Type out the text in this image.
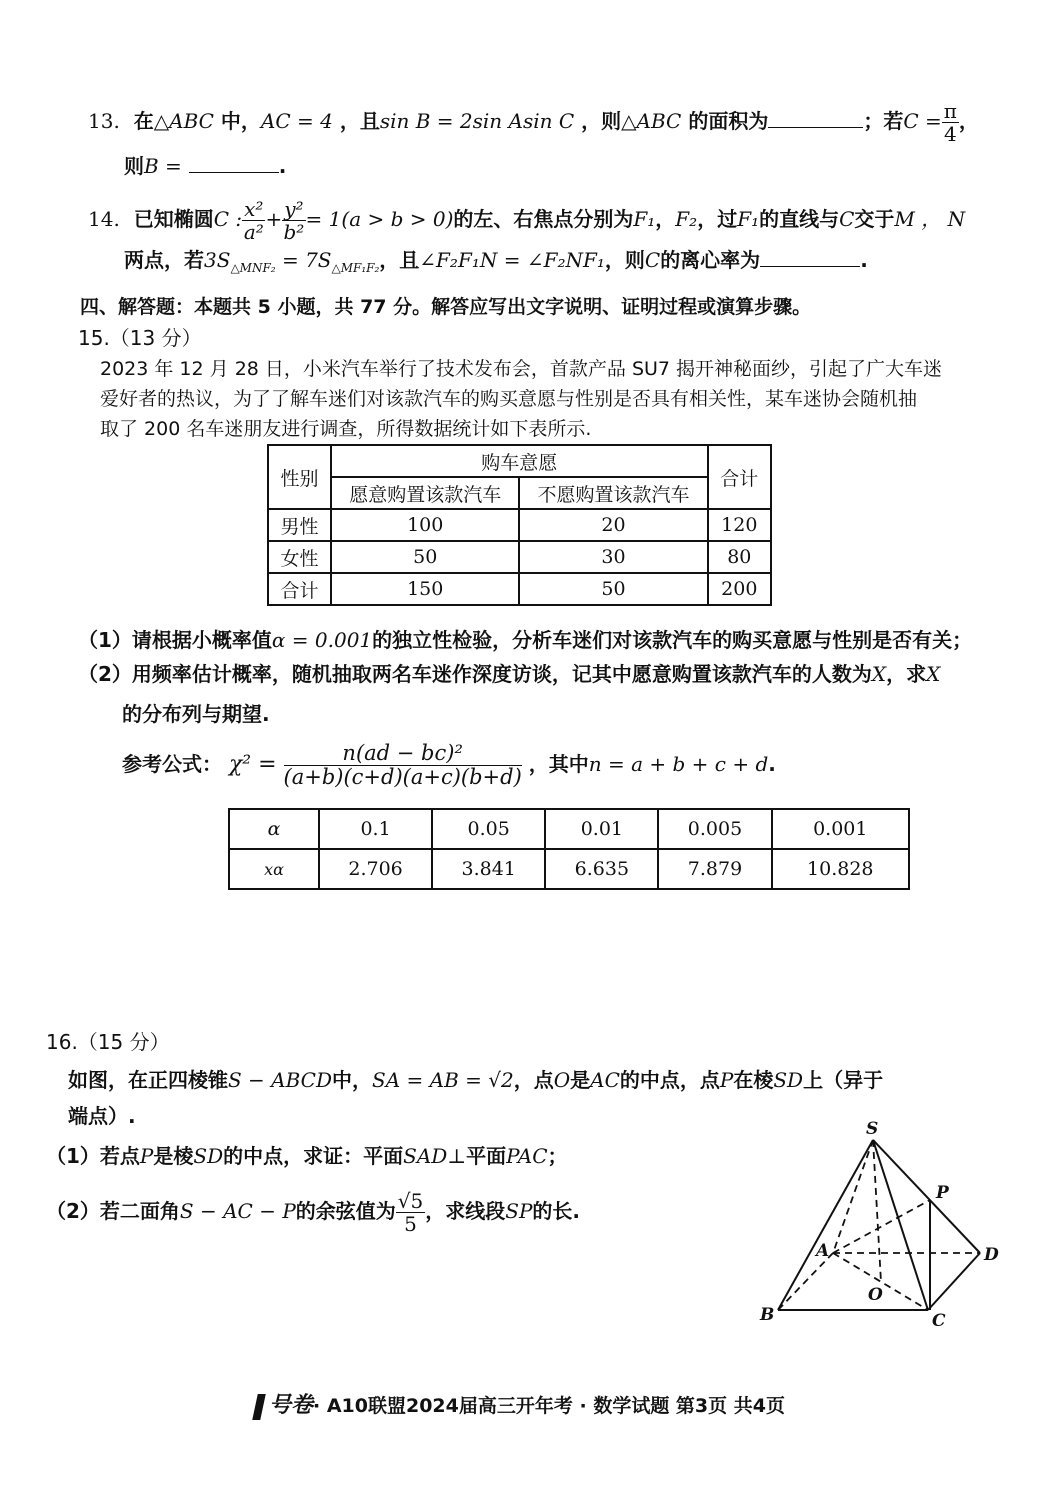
13. 在△ABC 中，AC = 4 ，且sin B = 2sin Asin C ，则△ABC 的面积为	；若$C = \frac{\pi}{4}$ ，
则B =	.
14. 已知椭圆C : $\frac{\text{x²}}{\text{a²}} + \frac{\text{y²}}{\text{b²}} = 1(a > b > 0)$的左、右焦点分别为F₁，F₂，过F₁的直线与C交于M ， N
两点，若$3S_{\triangle MNF_2} = 7S_{\triangle MF_1F_2}$，且∠F₂F₁N = ∠F₂NF₁，则C的离心率为	.
四、解答题：本题共 5 小题，共 77 分。解答应写出文字说明、证明过程或演算步骤。
15.（13 分）
2023 年 12 月 28 日，小米汽车举行了技术发布会，首款产品 SU7 揭开神秘面纱，引起了广大车迷
爱好者的热议，为了了解车迷们对该款汽车的购买意愿与性别是否具有相关性，某车迷协会随机抽
取了 200 名车迷朋友进行调查，所得数据统计如下表所示.
性别	购车意愿		合计
	愿意购置该款汽车	不愿购置该款汽车	
男性	100	20	120
女性	50	30	80
合计	150	50	200
（1）请根据小概率值α = 0.001的独立性检验，分析车迷们对该款汽车的购买意愿与性别是否有关；
（2）用频率估计概率，随机抽取两名车迷作深度访谈，记其中愿意购置该款汽车的人数为X，求X
的分布列与期望.
参考公式： $\chi^2 = \frac{\text{n(ad − bc)²}}{(a+b)(c+d)(a+c)(b+d)}$ ，其中n = a + b + c + d.
α	0.1	0.05	0.01	0.005	0.001
xα	2.706	3.841	6.635	7.879	10.828
16.（15 分）
如图，在正四棱锥S − ABCD中，SA = AB = √2，点O是AC的中点，点P在棱SD上（异于
端点）.
（1）若点P是棱SD的中点，求证：平面SAD⊥平面PAC；
（2）若二面角S − AC − P的余弦值为 $\frac{√5}{5}$ ，求线段SP的长.
S
P
A	D
O
B	C
号卷· A10联盟2024届高三开年考 · 数学试题 第3页 共4页
